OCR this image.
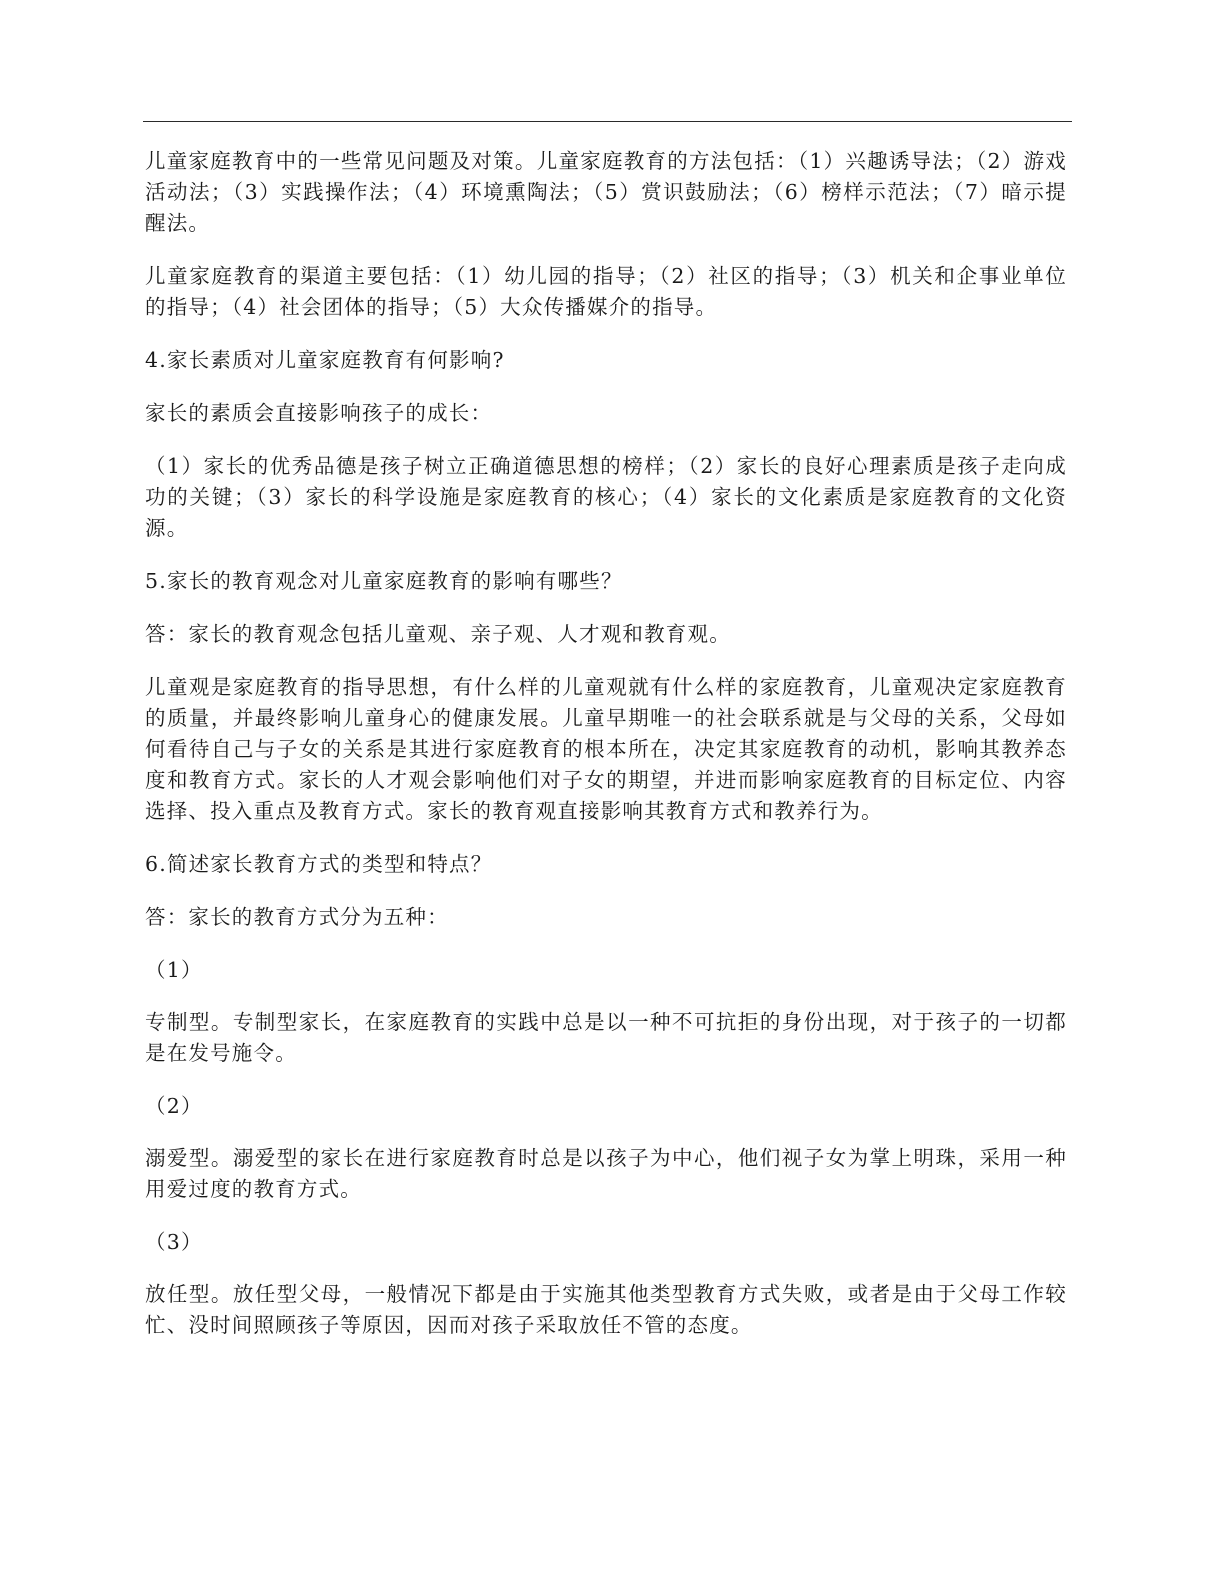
儿童家庭教育中的一些常见问题及对策。儿童家庭教育的方法包括：（1）兴趣诱导法；（2）游戏活动法；（3）实践操作法；（4）环境熏陶法；（5）赏识鼓励法；（6）榜样示范法；（7）暗示提醒法。

儿童家庭教育的渠道主要包括：（1）幼儿园的指导；（2）社区的指导；（3）机关和企事业单位的指导；（4）社会团体的指导；（5）大众传播媒介的指导。

4.家长素质对儿童家庭教育有何影响?

家长的素质会直接影响孩子的成长：

（1）家长的优秀品德是孩子树立正确道德思想的榜样；（2）家长的良好心理素质是孩子走向成功的关键；（3）家长的科学设施是家庭教育的核心；（4）家长的文化素质是家庭教育的文化资源。

5.家长的教育观念对儿童家庭教育的影响有哪些？

答：家长的教育观念包括儿童观、亲子观、人才观和教育观。

儿童观是家庭教育的指导思想，有什么样的儿童观就有什么样的家庭教育，儿童观决定家庭教育的质量，并最终影响儿童身心的健康发展。儿童早期唯一的社会联系就是与父母的关系，父母如何看待自己与子女的关系是其进行家庭教育的根本所在，决定其家庭教育的动机，影响其教养态度和教育方式。家长的人才观会影响他们对子女的期望，并进而影响家庭教育的目标定位、内容选择、投入重点及教育方式。家长的教育观直接影响其教育方式和教养行为。

6.简述家长教育方式的类型和特点？

答：家长的教育方式分为五种：

（1）

专制型。专制型家长，在家庭教育的实践中总是以一种不可抗拒的身份出现，对于孩子的一切都是在发号施令。

（2）

溺爱型。溺爱型的家长在进行家庭教育时总是以孩子为中心，他们视子女为掌上明珠，采用一种用爱过度的教育方式。

（3）

放任型。放任型父母，一般情况下都是由于实施其他类型教育方式失败，或者是由于父母工作较忙、没时间照顾孩子等原因，因而对孩子采取放任不管的态度。
